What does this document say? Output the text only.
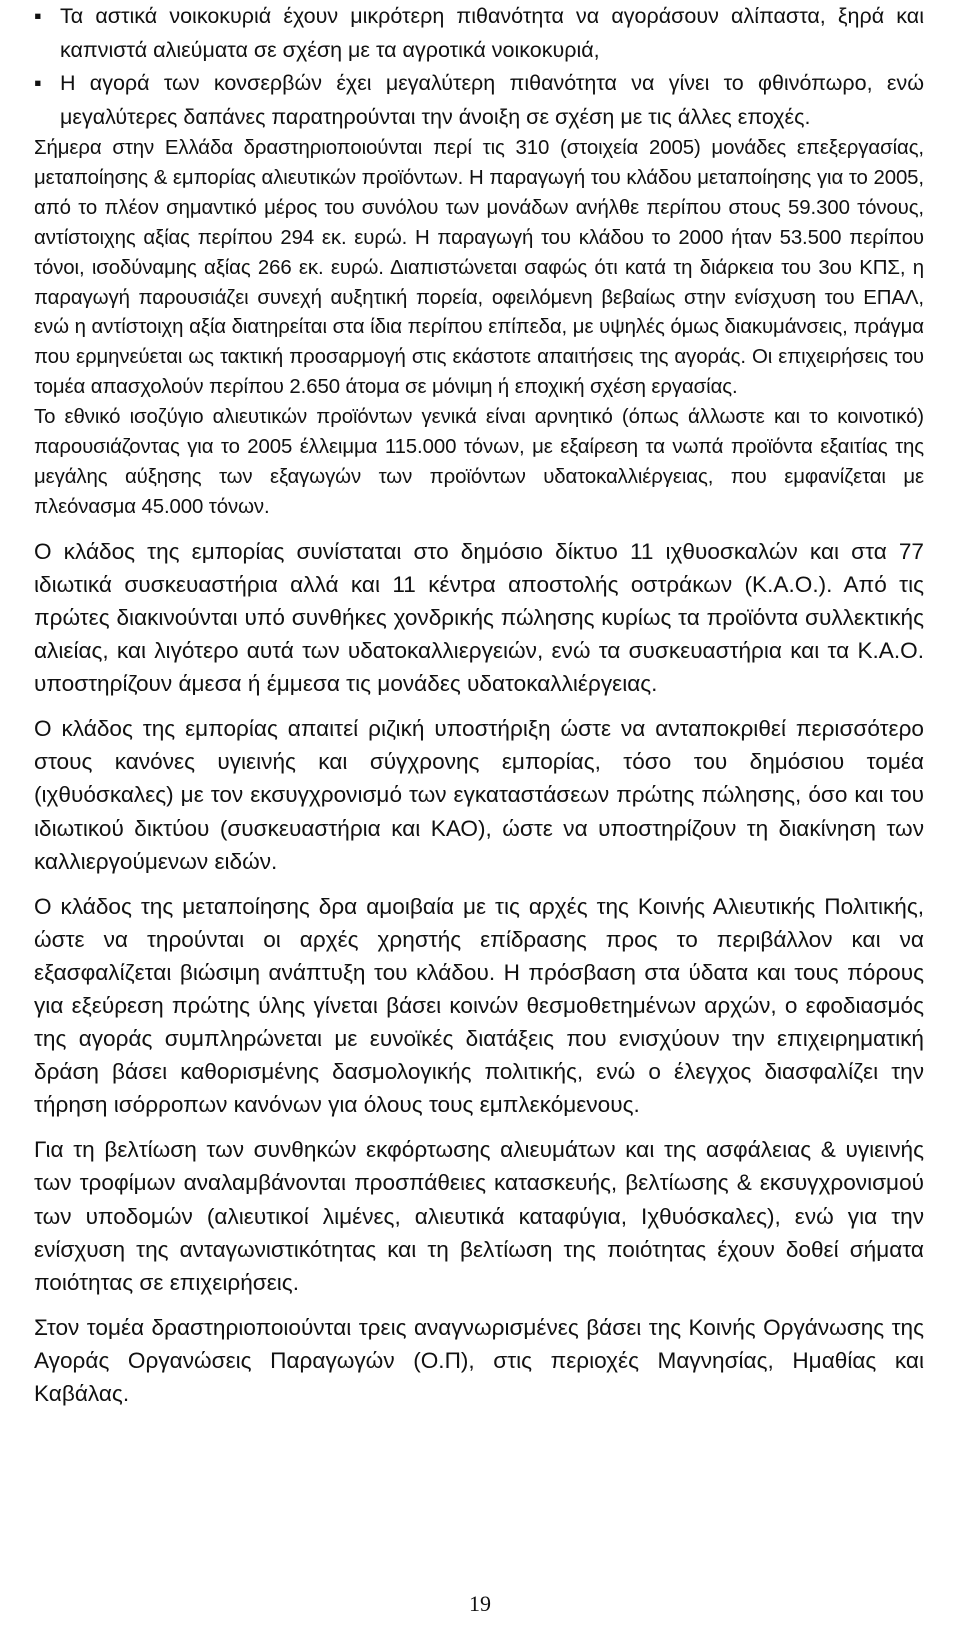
▪ Τα αστικά νοικοκυριά έχουν μικρότερη πιθανότητα να αγοράσουν αλίπαστα, ξηρά και καπνιστά αλιεύματα σε σχέση με τα αγροτικά νοικοκυριά,
▪ Η αγορά των κονσερβών έχει μεγαλύτερη πιθανότητα να γίνει το φθινόπωρο, ενώ μεγαλύτερες δαπάνες παρατηρούνται την άνοιξη σε σχέση με τις άλλες εποχές.

Σήμερα στην Ελλάδα δραστηριοποιούνται περί τις 310 (στοιχεία 2005) μονάδες επεξεργασίας, μεταποίησης & εμπορίας αλιευτικών προϊόντων. Η παραγωγή του κλάδου μεταποίησης για το 2005, από το πλέον σημαντικό μέρος του συνόλου των μονάδων ανήλθε περίπου στους 59.300 τόνους, αντίστοιχης αξίας περίπου 294 εκ. ευρώ. Η παραγωγή του κλάδου το 2000 ήταν 53.500 περίπου τόνοι, ισοδύναμης αξίας 266 εκ. ευρώ. Διαπιστώνεται σαφώς ότι κατά τη διάρκεια του 3ου ΚΠΣ, η παραγωγή παρουσιάζει συνεχή αυξητική πορεία, οφειλόμενη βεβαίως στην ενίσχυση του ΕΠΑΛ, ενώ η αντίστοιχη αξία διατηρείται στα ίδια περίπου επίπεδα, με υψηλές όμως διακυμάνσεις, πράγμα που ερμηνεύεται ως τακτική προσαρμογή στις εκάστοτε απαιτήσεις της αγοράς. Οι επιχειρήσεις του τομέα απασχολούν περίπου 2.650 άτομα σε μόνιμη ή εποχική σχέση εργασίας.

Το εθνικό ισοζύγιο αλιευτικών προϊόντων γενικά είναι αρνητικό (όπως άλλωστε και το κοινοτικό) παρουσιάζοντας για το 2005 έλλειμμα 115.000 τόνων, με εξαίρεση τα νωπά προϊόντα εξαιτίας της μεγάλης αύξησης των εξαγωγών των προϊόντων υδατοκαλλιέργειας, που εμφανίζεται με πλεόνασμα 45.000 τόνων.

Ο κλάδος της εμπορίας συνίσταται στο δημόσιο δίκτυο 11 ιχθυοσκαλών και στα 77 ιδιωτικά συσκευαστήρια αλλά και 11 κέντρα αποστολής οστράκων (Κ.Α.Ο.). Από τις πρώτες διακινούνται υπό συνθήκες χονδρικής πώλησης κυρίως τα προϊόντα συλλεκτικής αλιείας, και λιγότερο αυτά των υδατοκαλλιεργειών, ενώ τα συσκευαστήρια και τα Κ.Α.Ο. υποστηρίζουν άμεσα ή έμμεσα τις μονάδες υδατοκαλλιέργειας.

Ο κλάδος της εμπορίας απαιτεί ριζική υποστήριξη ώστε να ανταποκριθεί περισσότερο στους κανόνες υγιεινής και σύγχρονης εμπορίας, τόσο του δημόσιου τομέα (ιχθυόσκαλες) με τον εκσυγχρονισμό των εγκαταστάσεων πρώτης πώλησης, όσο και του ιδιωτικού δικτύου (συσκευαστήρια και ΚΑΟ), ώστε να υποστηρίζουν τη διακίνηση των καλλιεργούμενων ειδών.

Ο κλάδος της μεταποίησης δρα αμοιβαία με τις αρχές της Κοινής Αλιευτικής Πολιτικής, ώστε να τηρούνται οι αρχές χρηστής επίδρασης προς το περιβάλλον και να εξασφαλίζεται βιώσιμη ανάπτυξη του κλάδου. Η πρόσβαση στα ύδατα και τους πόρους για εξεύρεση πρώτης ύλης γίνεται βάσει κοινών θεσμοθετημένων αρχών, ο εφοδιασμός της αγοράς συμπληρώνεται με ευνοϊκές διατάξεις που ενισχύουν την επιχειρηματική δράση βάσει καθορισμένης δασμολογικής πολιτικής, ενώ ο έλεγχος διασφαλίζει την τήρηση ισόρροπων κανόνων για όλους τους εμπλεκόμενους.

Για τη βελτίωση των συνθηκών εκφόρτωσης αλιευμάτων και της ασφάλειας & υγιεινής των τροφίμων αναλαμβάνονται προσπάθειες κατασκευής, βελτίωσης & εκσυγχρονισμού των υποδομών (αλιευτικοί λιμένες, αλιευτικά καταφύγια, Ιχθυόσκαλες), ενώ για την ενίσχυση της ανταγωνιστικότητας και τη βελτίωση της ποιότητας έχουν δοθεί σήματα ποιότητας σε επιχειρήσεις.

Στον τομέα δραστηριοποιούνται τρεις αναγνωρισμένες βάσει της Κοινής Οργάνωσης της Αγοράς Οργανώσεις Παραγωγών (Ο.Π), στις περιοχές Μαγνησίας, Ημαθίας και Καβάλας.

19
